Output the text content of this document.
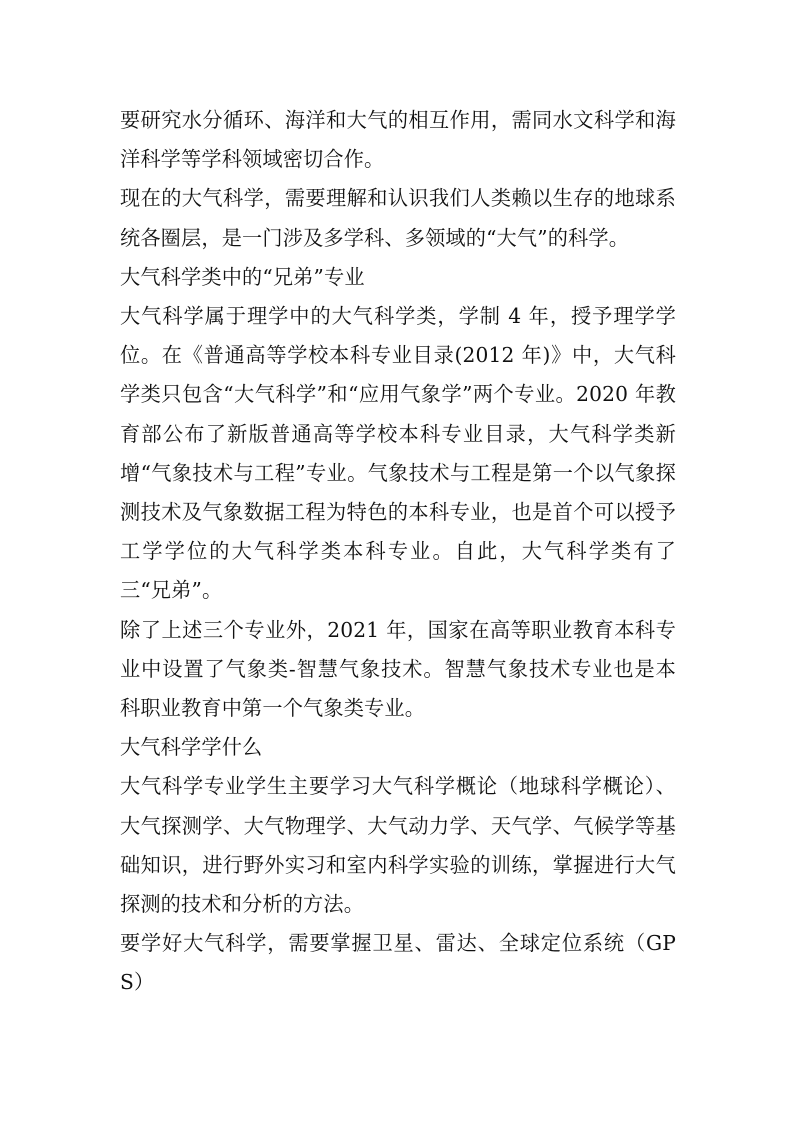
要研究水分循环、海洋和大气的相互作用，需同水文科学和海洋科学等学科领域密切合作。

现在的大气科学，需要理解和认识我们人类赖以生存的地球系统各圈层，是一门涉及多学科、多领域的“大气”的科学。

大气科学类中的“兄弟”专业

大气科学属于理学中的大气科学类，学制 4 年，授予理学学位。在《普通高等学校本科专业目录(2012 年)》中，大气科学类只包含“大气科学”和“应用气象学”两个专业。2020 年教育部公布了新版普通高等学校本科专业目录，大气科学类新增“气象技术与工程”专业。气象技术与工程是第一个以气象探测技术及气象数据工程为特色的本科专业，也是首个可以授予工学学位的大气科学类本科专业。自此，大气科学类有了三“兄弟”。

除了上述三个专业外，2021 年，国家在高等职业教育本科专业中设置了气象类-智慧气象技术。智慧气象技术专业也是本科职业教育中第一个气象类专业。

大气科学学什么

大气科学专业学生主要学习大气科学概论（地球科学概论）、大气探测学、大气物理学、大气动力学、天气学、气候学等基础知识，进行野外实习和室内科学实验的训练，掌握进行大气探测的技术和分析的方法。

要学好大气科学，需要掌握卫星、雷达、全球定位系统（GPS）
